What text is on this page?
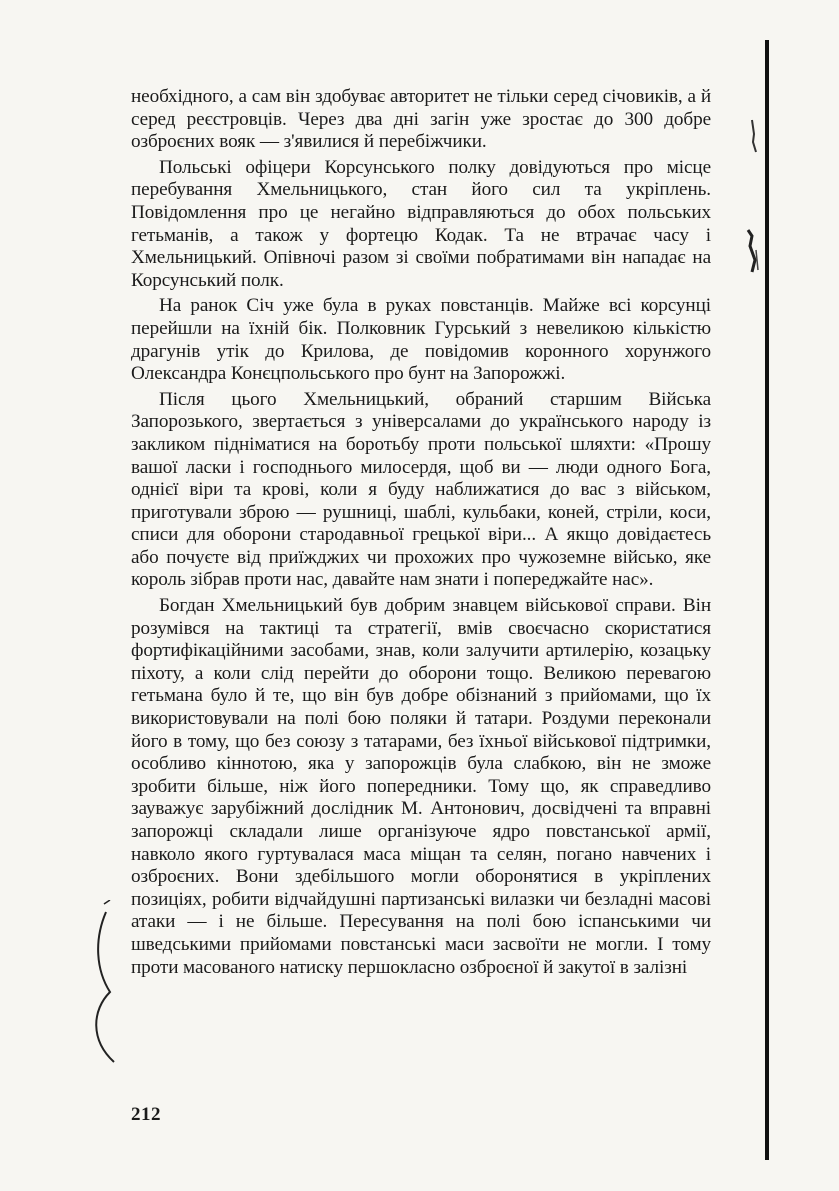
необхідного, а сам він здобуває авторитет не тільки серед січовиків, а й серед реєстровців. Через два дні загін уже зростає до 300 добре озброєних вояк — з'явилися й перебіжчики.

Польські офіцери Корсунського полку довідуються про місце перебування Хмельницького, стан його сил та укріплень. Повідомлення про це негайно відправляються до обох польських гетьманів, а також у фортецю Кодак. Та не втрачає часу і Хмельницький. Опівночі разом зі своїми побратимами він нападає на Корсунський полк.

На ранок Січ уже була в руках повстанців. Майже всі корсунці перейшли на їхній бік. Полковник Гурський з невеликою кількістю драгунів утік до Крилова, де повідомив коронного хорунжого Олександра Конєцпольського про бунт на Запорожжі.

Після цього Хмельницький, обраний старшим Війська Запорозького, звертається з універсалами до українського народу із закликом підніматися на боротьбу проти польської шляхти: «Прошу вашої ласки і господнього милосердя, щоб ви — люди одного Бога, однієї віри та крові, коли я буду наближатися до вас з військом, приготували зброю — рушниці, шаблі, кульбаки, коней, стріли, коси, списи для оборони стародавньої грецької віри... А якщо довідаєтесь або почуєте від приїжджих чи прохожих про чужоземне військо, яке король зібрав проти нас, давайте нам знати і попереджайте нас».

Богдан Хмельницький був добрим знавцем військової справи. Він розумівся на тактиці та стратегії, вмів своєчасно скористатися фортифікаційними засобами, знав, коли залучити артилерію, козацьку піхоту, а коли слід перейти до оборони тощо. Великою перевагою гетьмана було й те, що він був добре обізнаний з прийомами, що їх використовували на полі бою поляки й татари. Роздуми переконали його в тому, що без союзу з татарами, без їхньої військової підтримки, особливо кіннотою, яка у запорожців була слабкою, він не зможе зробити більше, ніж його попередники. Тому що, як справедливо зауважує зарубіжний дослідник М. Антонович, досвідчені та вправні запорожці складали лише організуюче ядро повстанської армії, навколо якого гуртувалася маса міщан та селян, погано навчених і озброєних. Вони здебільшого могли оборонятися в укріплених позиціях, робити відчайдушні партизанські вилазки чи безладні масові атаки — і не більше. Пересування на полі бою іспанськими чи шведськими прийомами повстанські маси засвоїти не могли. І тому проти масованого натиску першокласно озброєної й закутої в залізні

212
